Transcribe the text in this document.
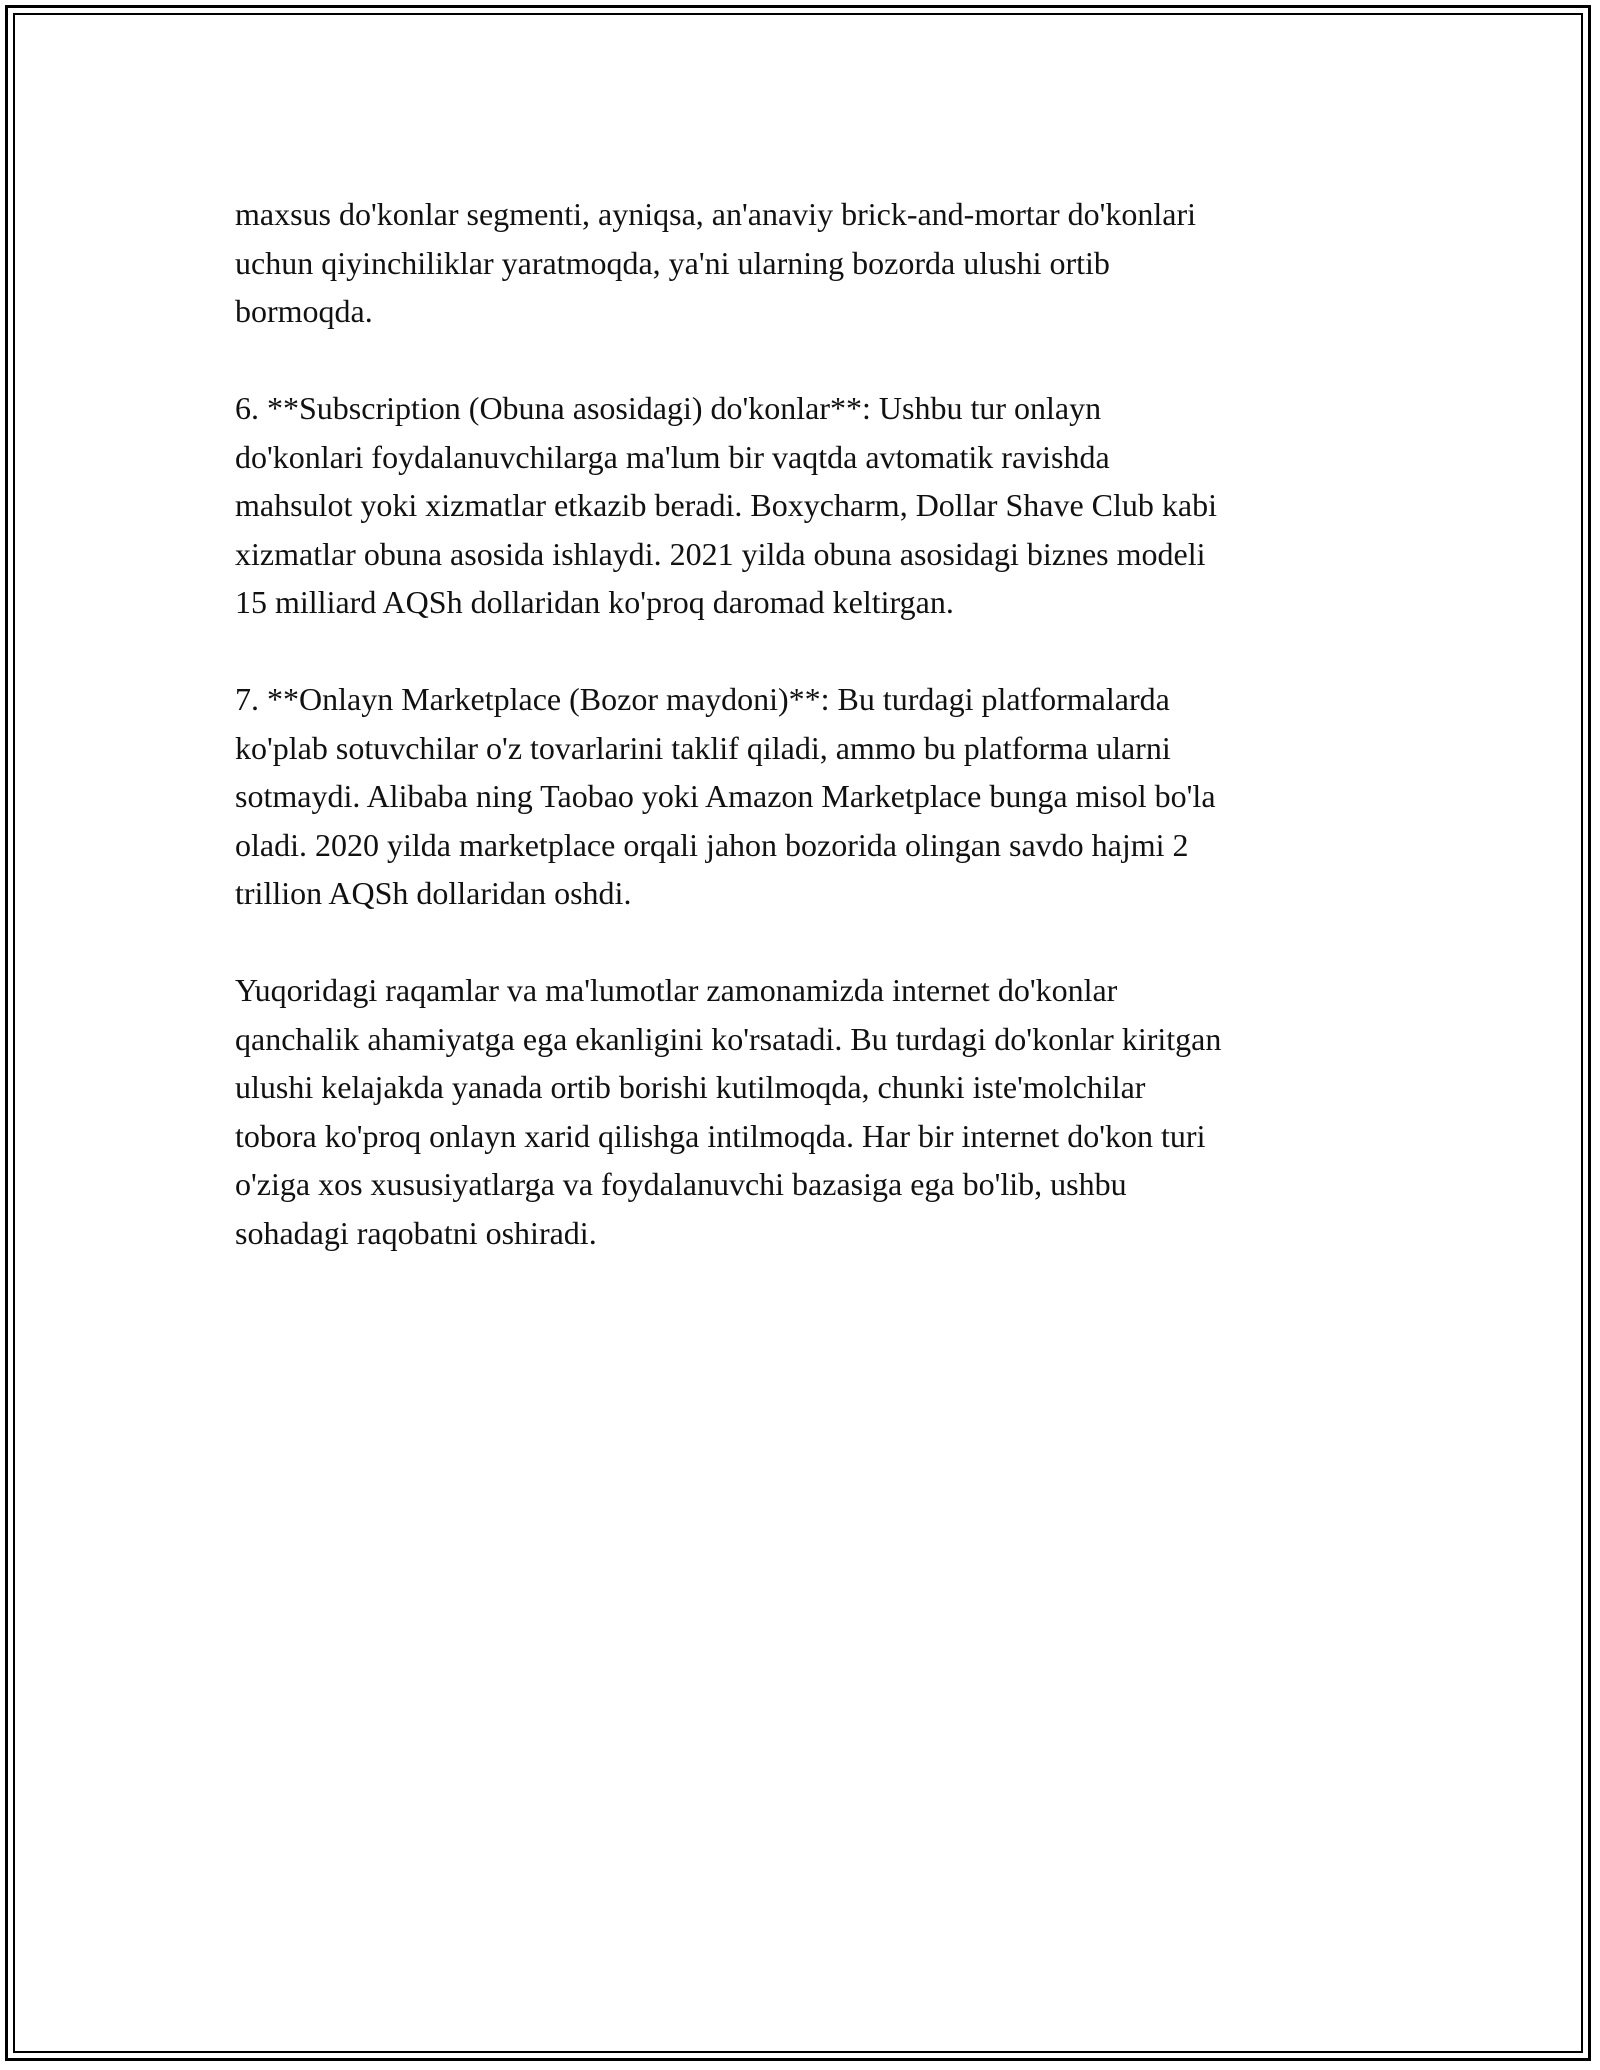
maxsus do'konlar segmenti, ayniqsa, an'anaviy brick-and-mortar do'konlari
uchun qiyinchiliklar yaratmoqda, ya'ni ularning bozorda ulushi ortib
bormoqda.

6. **Subscription (Obuna asosidagi) do'konlar**: Ushbu tur onlayn
do'konlari foydalanuvchilarga ma'lum bir vaqtda avtomatik ravishda
mahsulot yoki xizmatlar etkazib beradi. Boxycharm, Dollar Shave Club kabi
xizmatlar obuna asosida ishlaydi. 2021 yilda obuna asosidagi biznes modeli
15 milliard AQSh dollaridan ko'proq daromad keltirgan.

7. **Onlayn Marketplace (Bozor maydoni)**: Bu turdagi platformalarda
ko'plab sotuvchilar o'z tovarlarini taklif qiladi, ammo bu platforma ularni
sotmaydi. Alibaba ning Taobao yoki Amazon Marketplace bunga misol bo'la
oladi. 2020 yilda marketplace orqali jahon bozorida olingan savdo hajmi 2
trillion AQSh dollaridan oshdi.

Yuqoridagi raqamlar va ma'lumotlar zamonamizda internet do'konlar
qanchalik ahamiyatga ega ekanligini ko'rsatadi. Bu turdagi do'konlar kiritgan
ulushi kelajakda yanada ortib borishi kutilmoqda, chunki iste'molchilar
tobora ko'proq onlayn xarid qilishga intilmoqda. Har bir internet do'kon turi
o'ziga xos xususiyatlarga va foydalanuvchi bazasiga ega bo'lib, ushbu
sohadagi raqobatni oshiradi.
